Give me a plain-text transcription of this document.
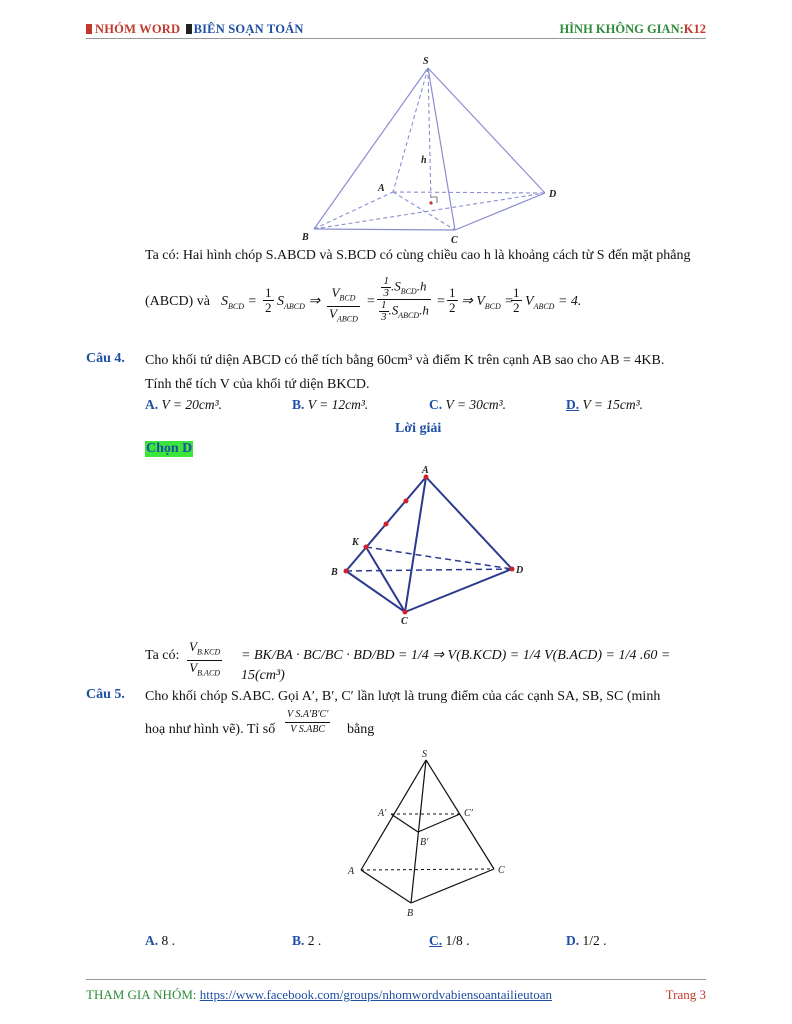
NHÓM WORD BIÊN SOẠN TOÁN	HÌNH KHÔNG GIAN:K12
S
h
A
B	C
D
Ta có: Hai hình chóp S.ABCD và S.BCD có cùng chiều cao h là khoảng cách từ S đến mặt phẳng
(ABCD) và $S_{BCD} = \frac{1}{2} S_{ABCD}$ ⇒
$V_{BCD}$
$V_{ABCD}$
=
$\frac{1}{3} .S_{BCD}.h$
$\frac{1}{3} .S_{ABCD}.h$
= $\frac{1}{2}$ ⇒ $V_{BCD}$ =
$\frac{1}{2} V_{ABCD} = 4$.
Câu 4. Cho khối tứ diện ABCD có thể tích bằng 60cm³ và điểm K trên cạnh AB sao cho AB = 4KB.
Tính thể tích V của khối tứ diện BKCD.
A. V = 20cm³.	B. V = 12cm³.	C. V = 30cm³.	D. V = 15cm³.
Lời giải
Chọn D
A
K
B
C
D
Ta có:
$V_{B.KCD}$
$V_{B.ACD}$
= BK/BA · BC/BC · BD/BD = 1/4 ⇒ V(B.KCD) = 1/4 V(B.ACD) = 1/4 .60 = 15(cm³)
Câu 5. Cho khối chóp S.ABC. Gọi A′, B′, C′ lần lượt là trung điểm của các cạnh SA, SB, SC (minh
hoạ như hình vẽ). Tỉ số
V S.A′B′C′
V S.ABC	bằng
S
A′	C′
B′
A	C
B
A. 8 .	B. 2 .	C. 1/8 .	D. 1/2 .
THAM GIA NHÓM: https://www.facebook.com/groups/nhomwordvabiensoantailieutoan	Trang 3
